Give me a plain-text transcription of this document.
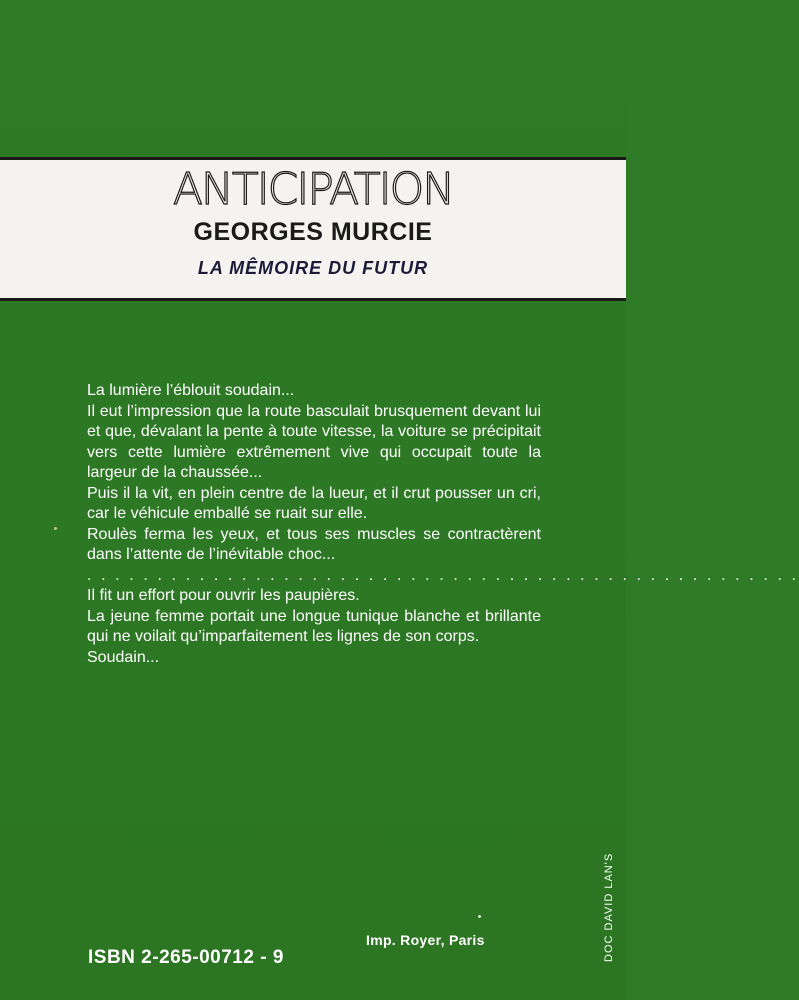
ANTICIPATION
GEORGES MURCIE
LA MÊMOIRE DU FUTUR

La lumière l’éblouit soudain...

Il eut l’impression que la route basculait brusquement devant lui et que, dévalant la pente à toute vitesse, la voiture se précipitait vers cette lumière extrêmement vive qui occupait toute la largeur de la chaussée...

Puis il la vit, en plein centre de la lueur, et il crut pousser un cri, car le véhicule emballé se ruait sur elle.

Roulès ferma les yeux, et tous ses muscles se contractèrent dans l’attente de l’inévitable choc...

. . . . . . . . . . . . . . . . . . . . . . . . . . . . . . . . . . . . . . . . . . . . . . . . . . .

Il fit un effort pour ouvrir les paupières.

La jeune femme portait une longue tunique blanche et brillante qui ne voilait qu’imparfaitement les lignes de son corps.

Soudain...

Imp. Royer, Paris
ISBN 2-265-00712 - 9	DOC DAVID LAN'S
